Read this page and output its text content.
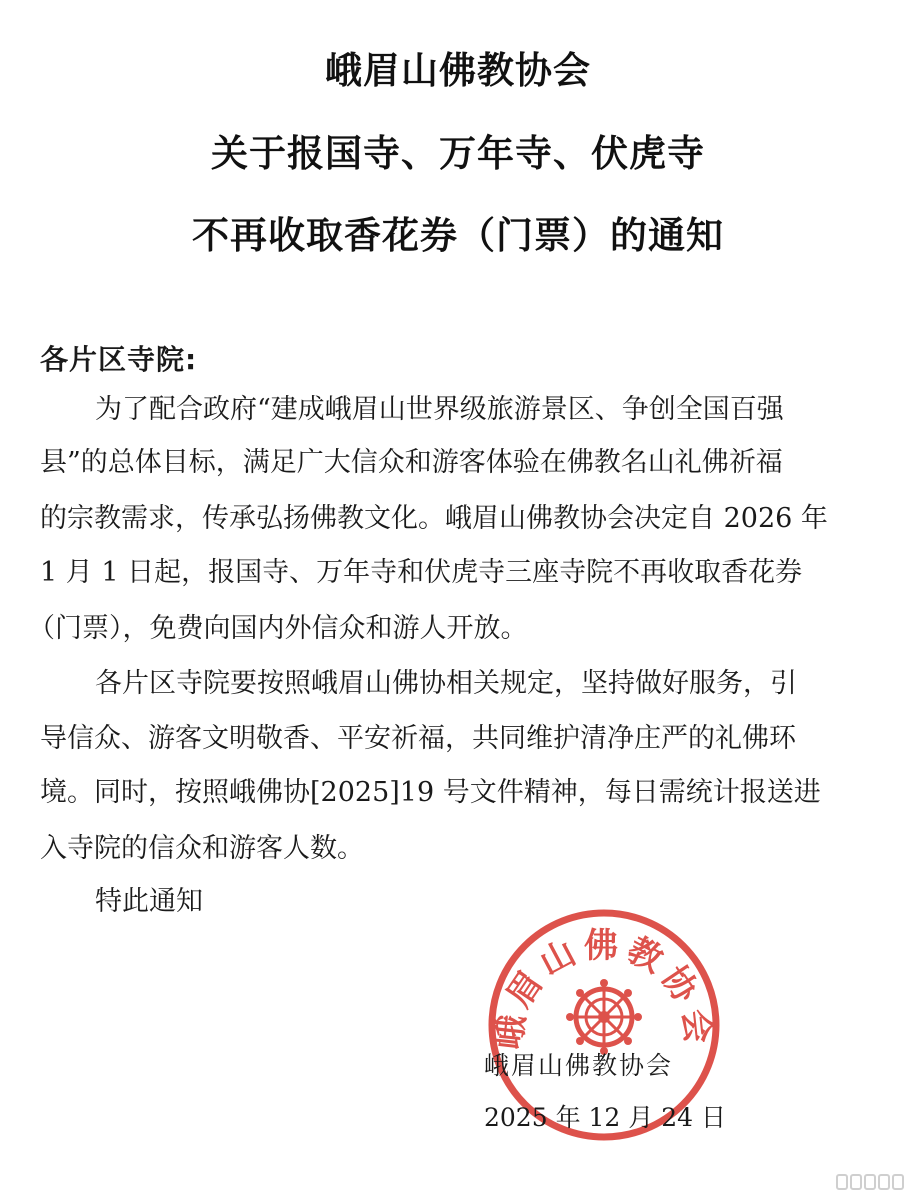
峨眉山佛教协会
关于报国寺、万年寺、伏虎寺
不再收取香花券（门票）的通知
各片区寺院:
为了配合政府“建成峨眉山世界级旅游景区、争创全国百强
县”的总体目标，满足广大信众和游客体验在佛教名山礼佛祈福
的宗教需求，传承弘扬佛教文化。峨眉山佛教协会决定自 2026 年
1 月 1 日起，报国寺、万年寺和伏虎寺三座寺院不再收取香花券
（门票），免费向国内外信众和游人开放。
各片区寺院要按照峨眉山佛协相关规定，坚持做好服务，引
导信众、游客文明敬香、平安祈福，共同维护清净庄严的礼佛环
境。同时，按照峨佛协[2025]19 号文件精神，每日需统计报送进
入寺院的信众和游客人数。
特此通知
峨眉山佛教协会
峨眉山佛教协会
2025 年 12 月 24 日
